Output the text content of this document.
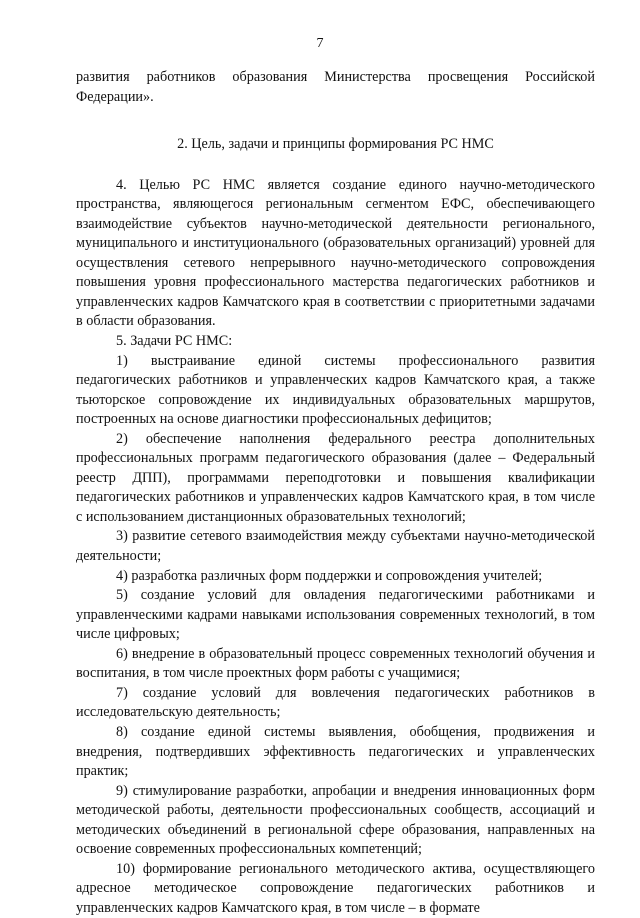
7

развития работников образования Министерства просвещения Российской Федерации».

2. Цель, задачи и принципы формирования РС НМС

4. Целью РС НМС является создание единого научно-методического пространства, являющегося региональным сегментом ЕФС, обеспечивающего взаимодействие субъектов научно-методической деятельности регионального, муниципального и институционального (образовательных организаций) уровней для осуществления сетевого непрерывного научно-методического сопровождения повышения уровня профессионального мастерства педагогических работников и управленческих кадров Камчатского края в соответствии с приоритетными задачами в области образования.

5. Задачи РС НМС:

1) выстраивание единой системы профессионального развития педагогических работников и управленческих кадров Камчатского края, а также тьюторское сопровождение их индивидуальных образовательных маршрутов, построенных на основе диагностики профессиональных дефицитов;

2) обеспечение наполнения федерального реестра дополнительных профессиональных программ педагогического образования (далее – Федеральный реестр ДПП), программами переподготовки и повышения квалификации педагогических работников и управленческих кадров Камчатского края, в том числе с использованием дистанционных образовательных технологий;

3) развитие сетевого взаимодействия между субъектами научно-методической деятельности;

4) разработка различных форм поддержки и сопровождения учителей;

5) создание условий для овладения педагогическими работниками и управленческими кадрами навыками использования современных технологий, в том числе цифровых;

6) внедрение в образовательный процесс современных технологий обучения и воспитания, в том числе проектных форм работы с учащимися;

7) создание условий для вовлечения педагогических работников в исследовательскую деятельность;

8) создание единой системы выявления, обобщения, продвижения и внедрения, подтвердивших эффективность педагогических и управленческих практик;

9) стимулирование разработки, апробации и внедрения инновационных форм методической работы, деятельности профессиональных сообществ, ассоциаций и методических объединений в региональной сфере образования, направленных на освоение современных профессиональных компетенций;

10) формирование регионального методического актива, осуществляющего адресное методическое сопровождение педагогических работников и управленческих кадров Камчатского края, в том числе – в формате
